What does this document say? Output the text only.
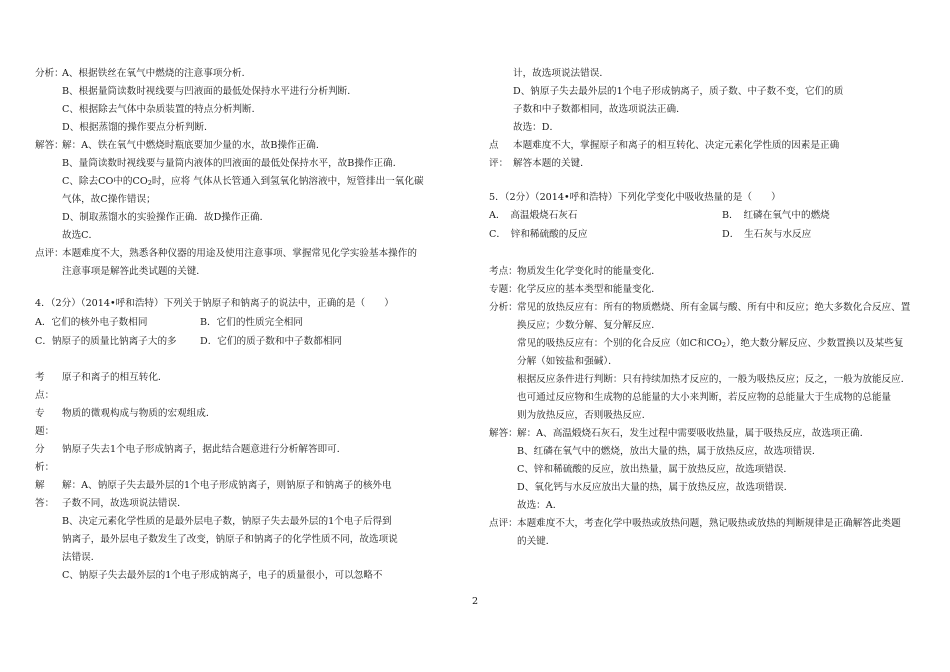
分析：
A、根据铁丝在氧气中燃烧的注意事项分析．
B、根据量筒读数时视线要与凹液面的最低处保持水平进行分析判断．
C、根据除去气体中杂质装置的特点分析判断．
D、根据蒸馏的操作要点分析判断．
解答：
解：A、铁在氧气中燃烧时瓶底要加少量的水，故B操作正确．
B、量筒读数时视线要与量筒内液体的凹液面的最低处保持水平，故B操作正确．
C、除去CO中的$CO_2$时，应将 气体从长管通入到氢氧化钠溶液中，短管排出一氧化碳
气体，故C操作错误；
D、制取蒸馏水的实验操作正确．故D操作正确．
故选C．
点评：
本题难度不大，熟悉各种仪器的用途及使用注意事项、掌握常见化学实验基本操作的
注意事项是解答此类试题的关键．
4．（2分）（2014•呼和浩特）下列关于钠原子和钠离子的说法中，正确的是（　　）
A．它们的核外电子数相同	B．它们的性质完全相同
C．钠原子的质量比钠离子大的多 D．它们的质子数和中子数都相同
考
点：
原子和离子的相互转化．
专
题：
物质的微观构成与物质的宏观组成．
分
析：
钠原子失去1个电子形成钠离子，据此结合题意进行分析解答即可．
解
答：
解：A、钠原子失去最外层的1个电子形成钠离子，则钠原子和钠离子的核外电
子数不同，故选项说法错误．
B、决定元素化学性质的是最外层电子数，钠原子失去最外层的1个电子后得到
钠离子，最外层电子数发生了改变，钠原子和钠离子的化学性质不同，故选项说
法错误．
C、钠原子失去最外层的1个电子形成钠离子，电子的质量很小，可以忽略不
计，故选项说法错误．
D、钠原子失去最外层的1个电子形成钠离子，质子数、中子数不变，它们的质
子数和中子数都相同，故选项说法正确．
故选：D．
点
评：
本题难度不大，掌握原子和离子的相互转化、决定元素化学性质的因素是正确
解答本题的关键．
5．（2分）（2014•呼和浩特）下列化学变化中吸收热量的是（　　）
A．　高温煅烧石灰石	B．　红磷在氧气中的燃烧
C．　锌和稀硫酸的反应	D．　生石灰与水反应
考点： 物质发生化学变化时的能量变化．
专题： 化学反应的基本类型和能量变化．
分析： 常见的放热反应有：所有的物质燃烧、所有金属与酸、所有中和反应；绝大多数化合反应、置
换反应；少数分解、复分解反应．
常见的吸热反应有：个别的化合反应（如C和$CO_2$），绝大数分解反应、少数置换以及某些复
分解（如铵盐和强碱）．
根据反应条件进行判断：只有持续加热才反应的，一般为吸热反应；反之，一般为放能反应．
也可通过反应物和生成物的总能量的大小来判断，若反应物的总能量大于生成物的总能量
则为放热反应，否则吸热反应．
解答： 解：A、高温煅烧石灰石，发生过程中需要吸收热量，属于吸热反应，故选项正确．
B、红磷在氧气中的燃烧，放出大量的热，属于放热反应，故选项错误．
C、锌和稀硫酸的反应，放出热量，属于放热反应，故选项错误．
D、氧化钙与水反应放出大量的热，属于放热反应，故选项错误．
故选：A．
点评： 本题难度不大，考查化学中吸热或放热问题，熟记吸热或放热的判断规律是正确解答此类题
的关键．
2
